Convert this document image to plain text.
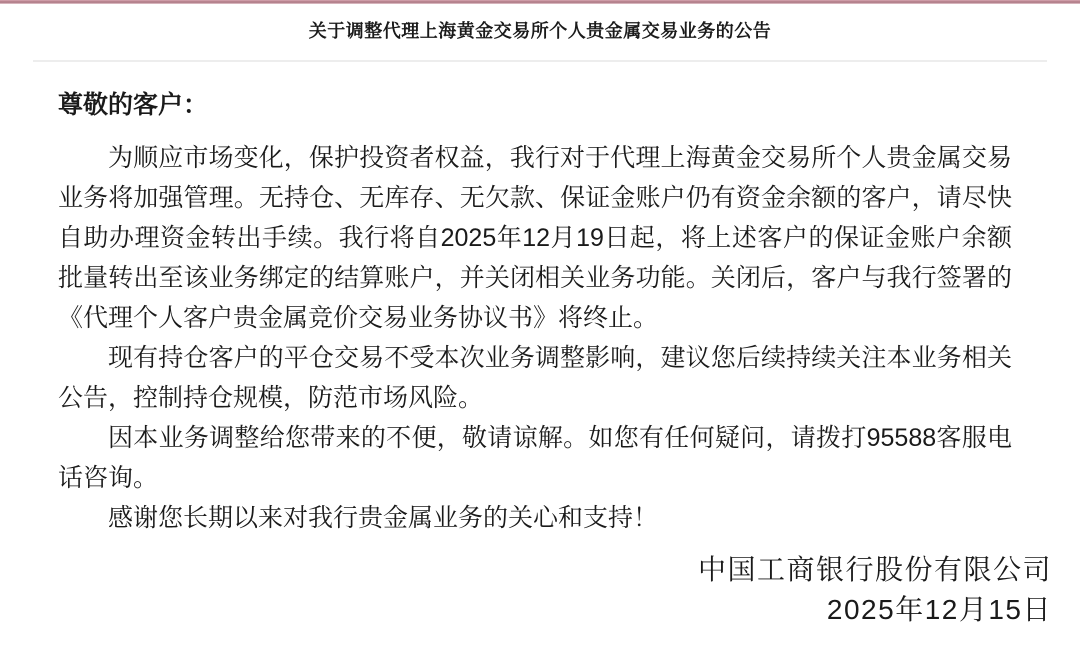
关于调整代理上海黄金交易所个人贵金属交易业务的公告

尊敬的客户：

为顺应市场变化，保护投资者权益，我行对于代理上海黄金交易所个人贵金属交易业务将加强管理。无持仓、无库存、无欠款、保证金账户仍有资金余额的客户，请尽快自助办理资金转出手续。我行将自2025年12月19日起，将上述客户的保证金账户余额批量转出至该业务绑定的结算账户，并关闭相关业务功能。关闭后，客户与我行签署的《代理个人客户贵金属竞价交易业务协议书》将终止。

现有持仓客户的平仓交易不受本次业务调整影响，建议您后续持续关注本业务相关公告，控制持仓规模，防范市场风险。

因本业务调整给您带来的不便，敬请谅解。如您有任何疑问，请拨打95588客服电话咨询。

感谢您长期以来对我行贵金属业务的关心和支持！

中国工商银行股份有限公司

2025年12月15日
